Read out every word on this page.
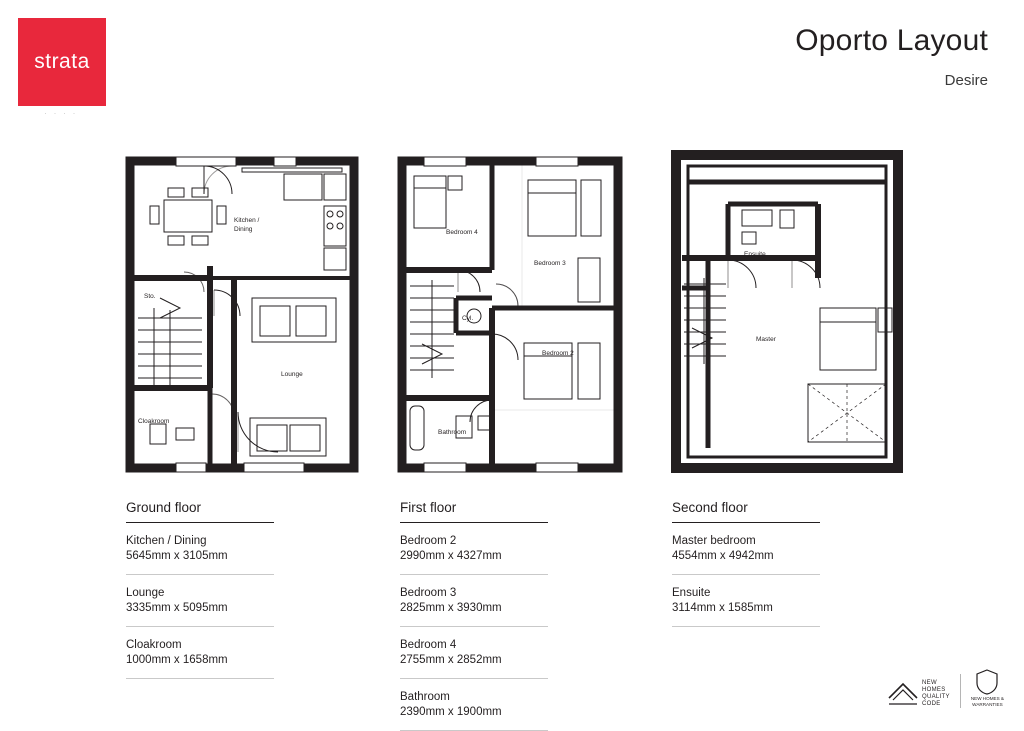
strata
· · · ·
Oporto Layout
Desire
Kitchen /
Dining
Sto.
Lounge
Cloakroom
Bedroom 4
Bedroom 3
Cyl.
Bedroom 2
Bathroom
Ensuite
Master
Ground floor
Kitchen / Dining
5645mm x 3105mm
Lounge
3335mm x 5095mm
Cloakroom
1000mm x 1658mm
First floor
Bedroom 2
2990mm x 4327mm
Bedroom 3
2825mm x 3930mm
Bedroom 4
2755mm x 2852mm
Bathroom
2390mm x 1900mm
Second floor
Master bedroom
4554mm x 4942mm
Ensuite
3114mm x 1585mm
NEW
HOMES
QUALITY
CODE
NEW HOMES &
WARRANTIES
